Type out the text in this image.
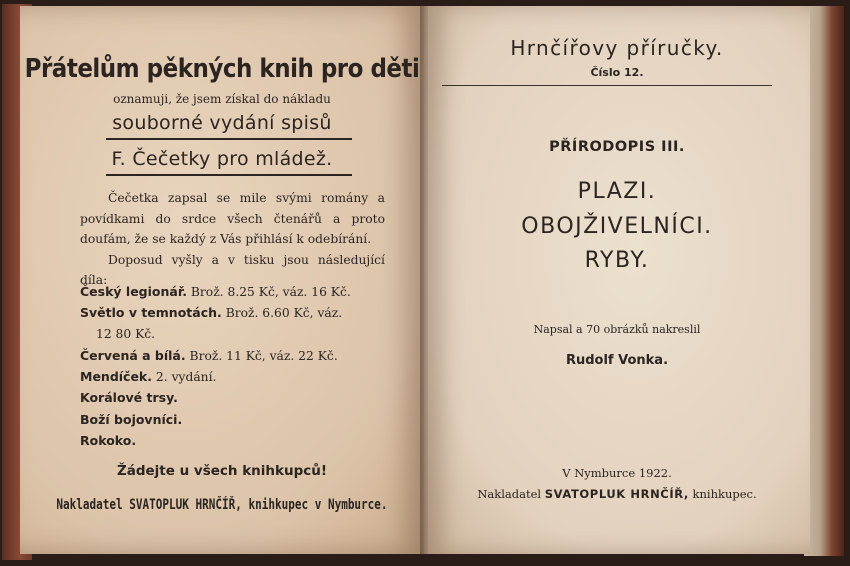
Přátelům pěkných knih pro děti
oznamuji, že jsem získal do nákladu
souborné vydání spisů
F. Čečetky pro mládež.

Čečetka zapsal se mile svými romány a povídkami do srdce všech čtenářů a proto doufám, že se každý z Vás přihlásí k odebírání.

Doposud vyšly a v tisku jsou následující díla:

Český legionář. Brož. 8.25 Kč, váz. 16 Kč.
Světlo v temnotách. Brož. 6.60 Kč, váz.
12 80 Kč.
Červená a bílá. Brož. 11 Kč, váz. 22 Kč.
Mendíček. 2. vydání.
Korálové trsy.
Boží bojovníci.
Rokoko.
Žádejte u všech knihkupců!
Nakladatel SVATOPLUK HRNČÍŘ, knihkupec v Nymburce.
Hrnčířovy příručky.
Číslo 12.
PŘÍRODOPIS III.
PLAZI.
OBOJŽIVELNÍCI.
RYBY.
Napsal a 70 obrázků nakreslil
Rudolf Vonka.
V Nymburce 1922.
Nakladatel SVATOPLUK HRNČÍŘ, knihkupec.
